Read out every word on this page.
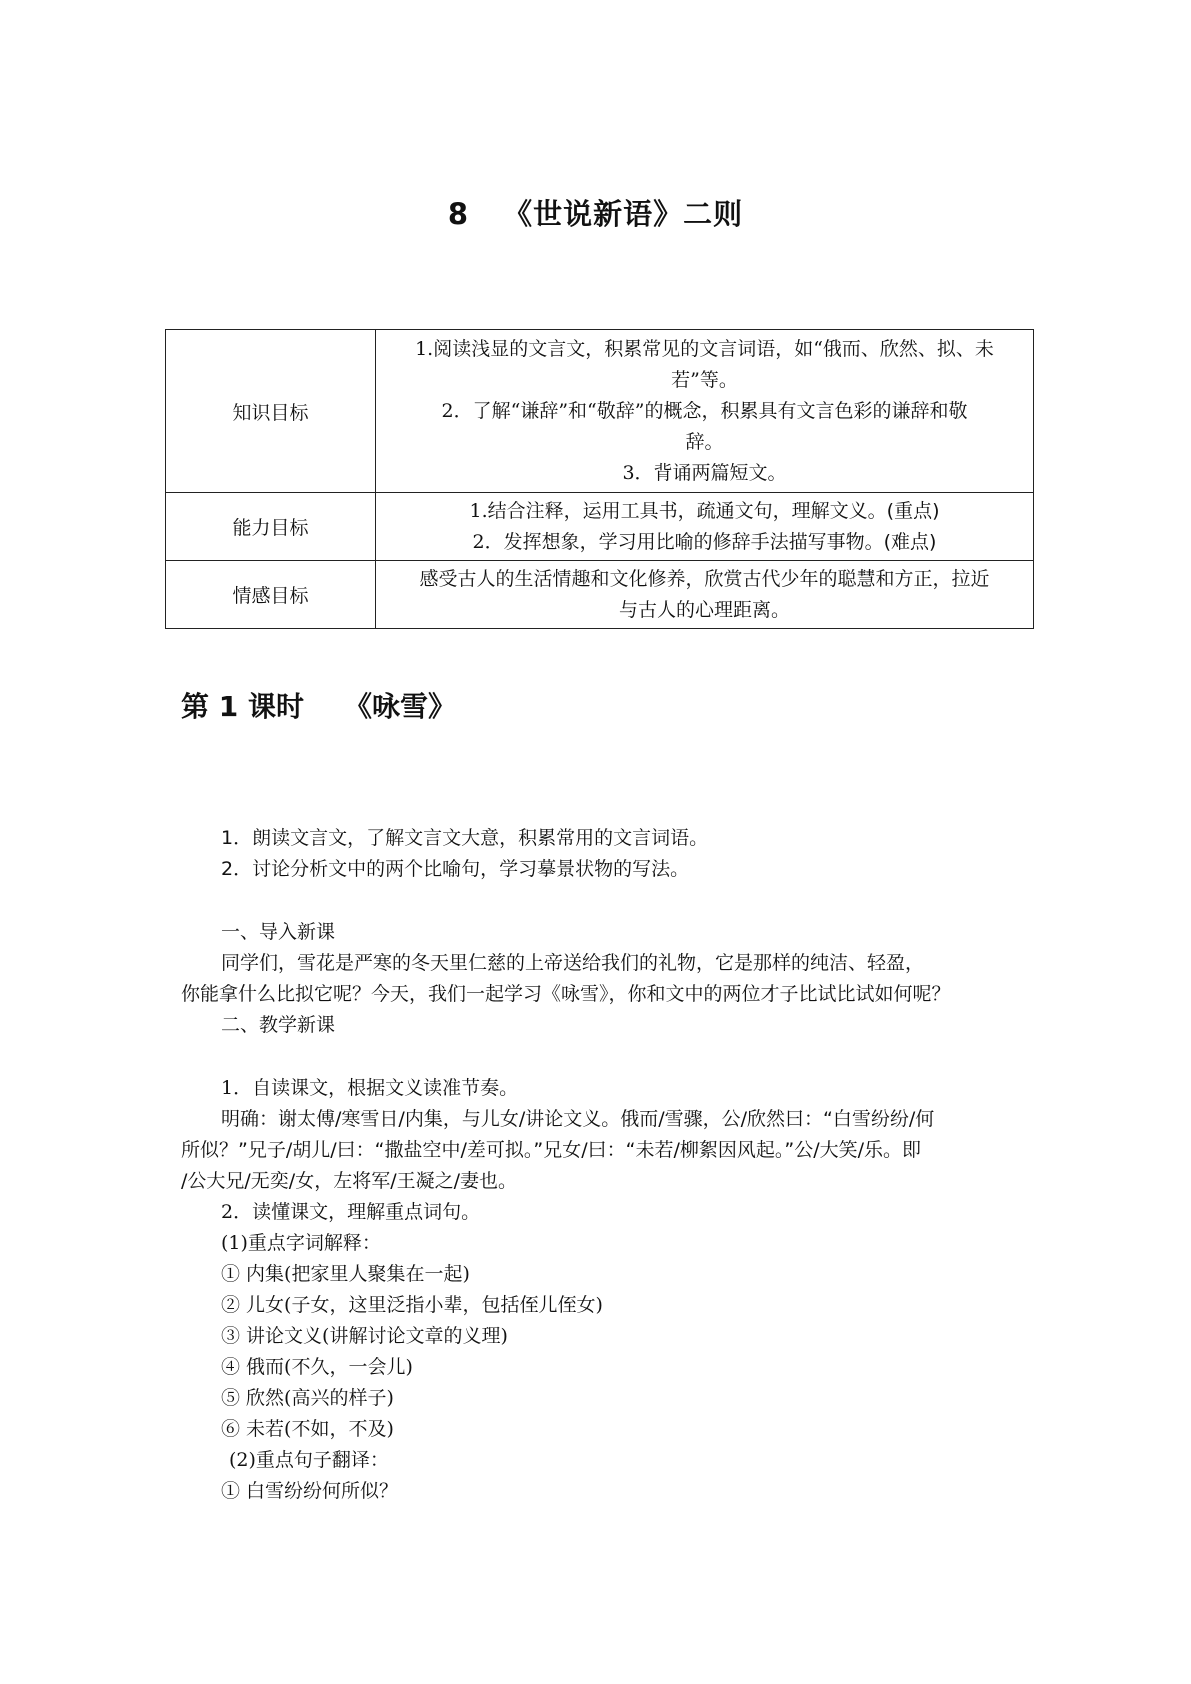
8 《世说新语》二则
知识目标	1.阅读浅显的文言文，积累常见的文言词语，如“俄而、欣然、拟、未
若”等。
2．了解“谦辞”和“敬辞”的概念，积累具有文言色彩的谦辞和敬
辞。
3．背诵两篇短文。

能力目标	1.结合注释，运用工具书，疏通文句，理解文义。(重点)
2．发挥想象，学习用比喻的修辞手法描写事物。(难点)

情感目标	感受古人的生活情趣和文化修养，欣赏古代少年的聪慧和方正，拉近
与古人的心理距离。
第 1 课时 《咏雪》
1．朗读文言文，了解文言文大意，积累常用的文言词语。
2．讨论分析文中的两个比喻句，学习摹景状物的写法。
一、导入新课
同学们，雪花是严寒的冬天里仁慈的上帝送给我们的礼物，它是那样的纯洁、轻盈，
你能拿什么比拟它呢？今天，我们一起学习《咏雪》，你和文中的两位才子比试比试如何呢？
二、教学新课
1．自读课文，根据文义读准节奏。
明确：谢太傅/寒雪日/内集，与儿女/讲论文义。俄而/雪骤，公/欣然曰：“白雪纷纷/何
所似？”兄子/胡儿/曰：“撒盐空中/差可拟。”兄女/曰：“未若/柳絮因风起。”公/大笑/乐。即
/公大兄/无奕/女，左将军/王凝之/妻也。
2．读懂课文，理解重点词句。
(1)重点字词解释：
① 内集(把家里人聚集在一起)
② 儿女(子女，这里泛指小辈，包括侄儿侄女)
③ 讲论文义(讲解讨论文章的义理)
④ 俄而(不久，一会儿)
⑤ 欣然(高兴的样子)
⑥ 未若(不如，不及)
(2)重点句子翻译：
① 白雪纷纷何所似？
